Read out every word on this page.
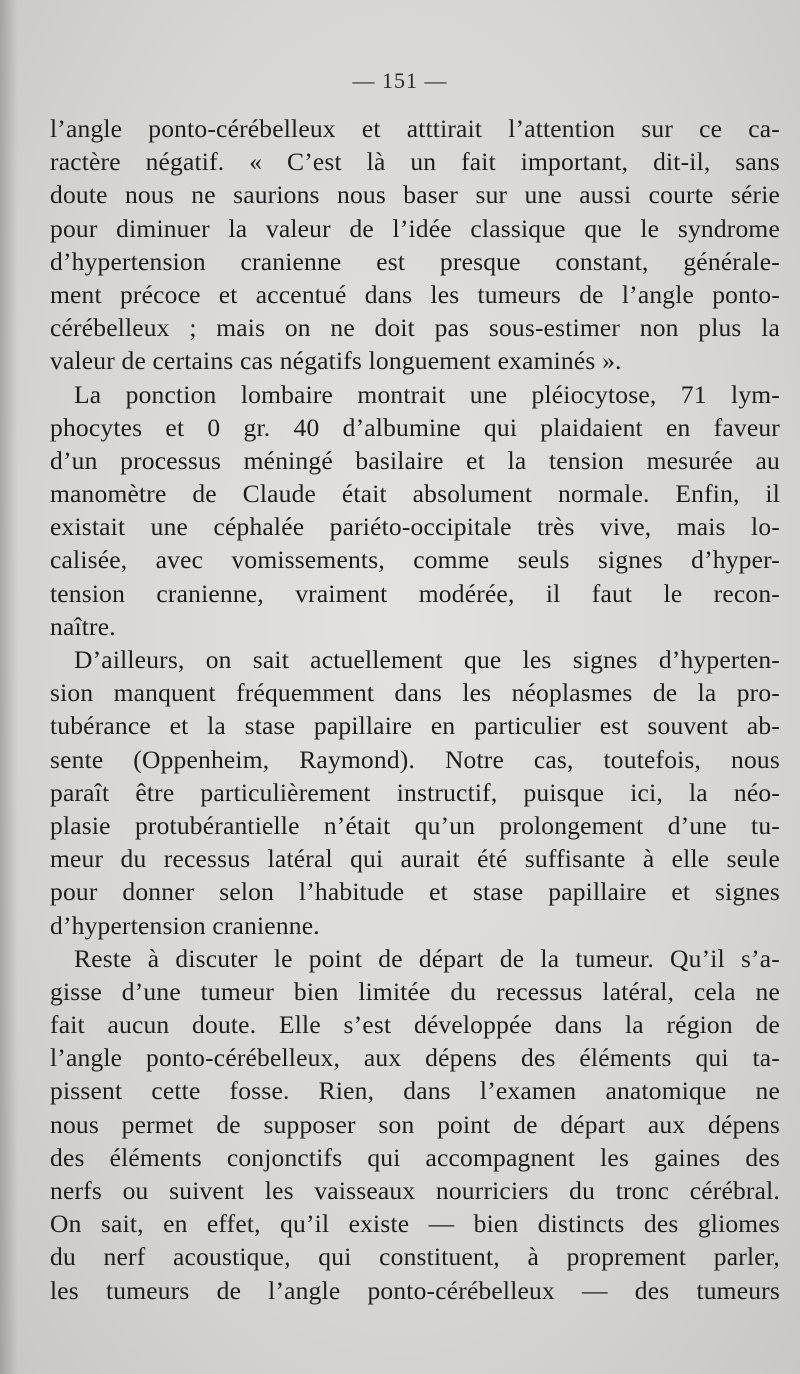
— 151 —
l’angle ponto-cérébelleux et atttirait l’attention sur ce ca-
ractère négatif. « C’est là un fait important, dit-il, sans
doute nous ne saurions nous baser sur une aussi courte série
pour diminuer la valeur de l’idée classique que le syndrome
d’hypertension cranienne est presque constant, générale-
ment précoce et accentué dans les tumeurs de l’angle ponto-
cérébelleux ; mais on ne doit pas sous-estimer non plus la
valeur de certains cas négatifs longuement examinés ».
La ponction lombaire montrait une pléiocytose, 71 lym-
phocytes et 0 gr. 40 d’albumine qui plaidaient en faveur
d’un processus méningé basilaire et la tension mesurée au
manomètre de Claude était absolument normale. Enfin, il
existait une céphalée pariéto-occipitale très vive, mais lo-
calisée, avec vomissements, comme seuls signes d’hyper-
tension cranienne, vraiment modérée, il faut le recon-
naître.
D’ailleurs, on sait actuellement que les signes d’hyperten-
sion manquent fréquemment dans les néoplasmes de la pro-
tubérance et la stase papillaire en particulier est souvent ab-
sente (Oppenheim, Raymond). Notre cas, toutefois, nous
paraît être particulièrement instructif, puisque ici, la néo-
plasie protubérantielle n’était qu’un prolongement d’une tu-
meur du recessus latéral qui aurait été suffisante à elle seule
pour donner selon l’habitude et stase papillaire et signes
d’hypertension cranienne.
Reste à discuter le point de départ de la tumeur. Qu’il s’a-
gisse d’une tumeur bien limitée du recessus latéral, cela ne
fait aucun doute. Elle s’est développée dans la région de
l’angle ponto-cérébelleux, aux dépens des éléments qui ta-
pissent cette fosse. Rien, dans l’examen anatomique ne
nous permet de supposer son point de départ aux dépens
des éléments conjonctifs qui accompagnent les gaines des
nerfs ou suivent les vaisseaux nourriciers du tronc cérébral.
On sait, en effet, qu’il existe — bien distincts des gliomes
du nerf acoustique, qui constituent, à proprement parler,
les tumeurs de l’angle ponto-cérébelleux — des tumeurs
